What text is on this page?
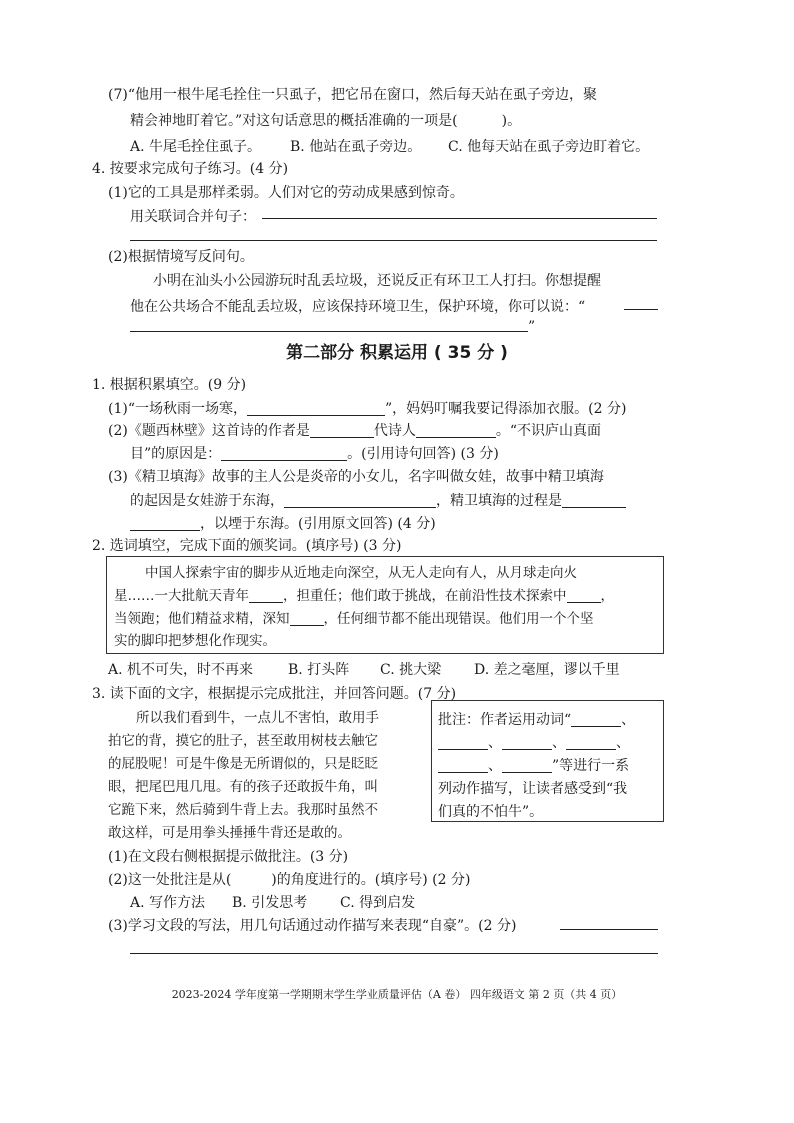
(7)“他用一根牛尾毛拴住一只虱子，把它吊在窗口，然后每天站在虱子旁边，聚
精会神地盯着它。”对这句话意思的概括准确的一项是(	)。
A. 牛尾毛拴住虱子。 B. 他站在虱子旁边。 C. 他每天站在虱子旁边盯着它。
4. 按要求完成句子练习。(4 分)
(1)它的工具是那样柔弱。人们对它的劳动成果感到惊奇。
用关联词合并句子：
(2)根据情境写反问句。
小明在汕头小公园游玩时乱丢垃圾，还说反正有环卫工人打扫。你想提醒
他在公共场合不能乱丢垃圾，应该保持环境卫生，保护环境，你可以说：“
”
第二部分 积累运用 ( 35 分 )
1. 根据积累填空。(9 分)
(1)“一场秋雨一场寒，	”，妈妈叮嘱我要记得添加衣服。(2 分)
(2)《题西林壁》这首诗的作者是	代诗人	。“不识庐山真面
目”的原因是：	。(引用诗句回答) (3 分)
(3)《精卫填海》故事的主人公是炎帝的小女儿，名字叫做女娃，故事中精卫填海
的起因是女娃游于东海，	，精卫填海的过程是
，以堙于东海。(引用原文回答) (4 分)
2. 选词填空，完成下面的颁奖词。(填序号) (3 分)
中国人探索宇宙的脚步从近地走向深空，从无人走向有人，从月球走向火
星……一大批航天青年	，担重任；他们敢于挑战，在前沿性技术探索中	，
当领跑；他们精益求精，深知	，任何细节都不能出现错误。他们用一个个坚
实的脚印把梦想化作现实。
A. 机不可失，时不再来 B. 打头阵 C. 挑大梁 D. 差之毫厘，谬以千里
3. 读下面的文字，根据提示完成批注，并回答问题。(7 分)
所以我们看到牛，一点儿不害怕，敢用手
拍它的背，摸它的肚子，甚至敢用树枝去触它
的屁股呢！可是牛像是无所谓似的，只是眨眨
眼，把尾巴甩几甩。有的孩子还敢扳牛角，叫
它跪下来，然后骑到牛背上去。我那时虽然不
敢这样，可是用拳头捶捶牛背还是敢的。
批注：作者运用动词“	、
、	、	、
、	”等进行一系
列动作描写，让读者感受到“我
们真的不怕牛”。
(1)在文段右侧根据提示做批注。(3 分)
(2)这一处批注是从(	)的角度进行的。(填序号) (2 分)
A. 写作方法 B. 引发思考 C. 得到启发
(3)学习文段的写法，用几句话通过动作描写来表现“自豪”。(2 分)
2023-2024 学年度第一学期期末学生学业质量评估（A 卷） 四年级语文 第 2 页（共 4 页）
